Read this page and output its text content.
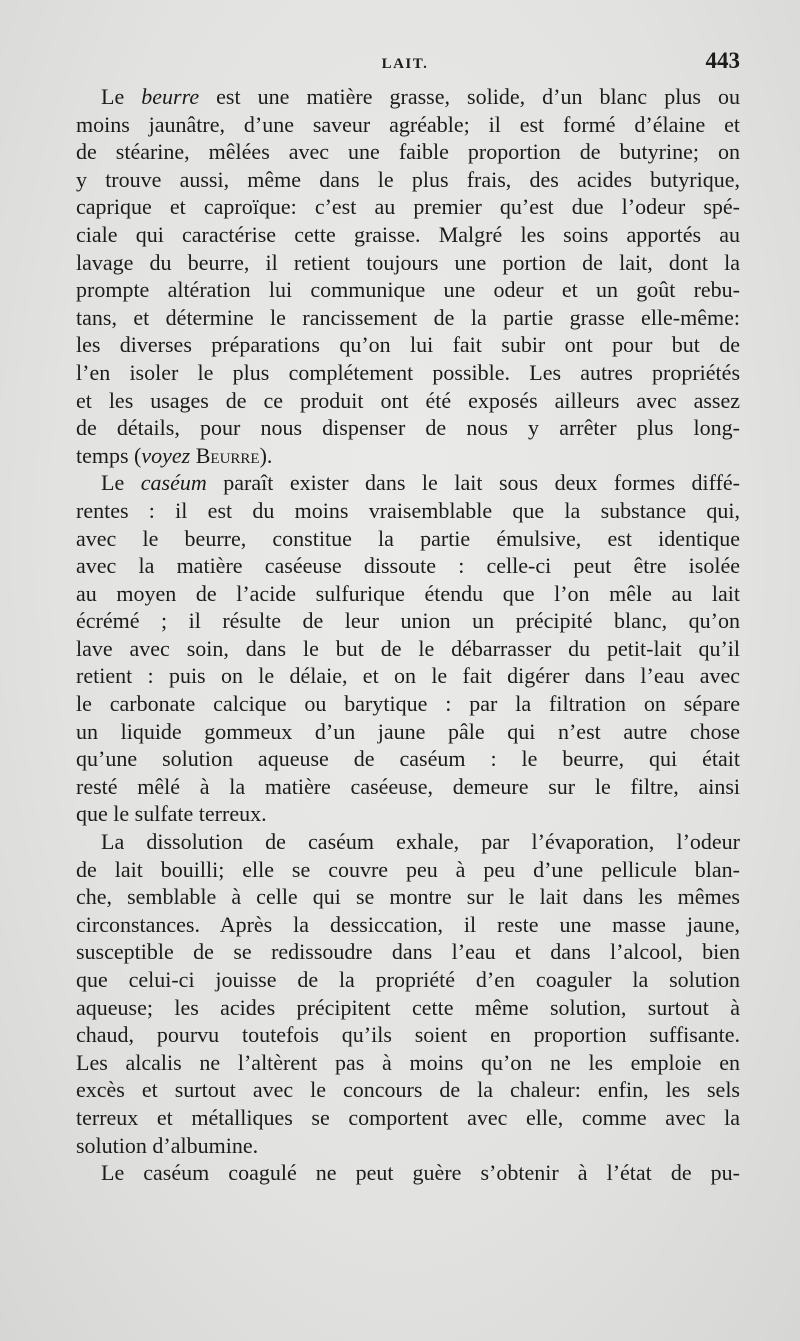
LAIT.	443
Le beurre est une matière grasse, solide, d’un blanc plus ou
moins jaunâtre, d’une saveur agréable; il est formé d’élaine et
de stéarine, mêlées avec une faible proportion de butyrine; on
y trouve aussi, même dans le plus frais, des acides butyrique,
caprique et caproïque: c’est au premier qu’est due l’odeur spé-
ciale qui caractérise cette graisse. Malgré les soins apportés au
lavage du beurre, il retient toujours une portion de lait, dont la
prompte altération lui communique une odeur et un goût rebu-
tans, et détermine le rancissement de la partie grasse elle-même:
les diverses préparations qu’on lui fait subir ont pour but de
l’en isoler le plus complétement possible. Les autres propriétés
et les usages de ce produit ont été exposés ailleurs avec assez
de détails, pour nous dispenser de nous y arrêter plus long-
temps (voyez Beurre).
Le caséum paraît exister dans le lait sous deux formes diffé-
rentes : il est du moins vraisemblable que la substance qui,
avec le beurre, constitue la partie émulsive, est identique
avec la matière caséeuse dissoute : celle-ci peut être isolée
au moyen de l’acide sulfurique étendu que l’on mêle au lait
écrémé ; il résulte de leur union un précipité blanc, qu’on
lave avec soin, dans le but de le débarrasser du petit-lait qu’il
retient : puis on le délaie, et on le fait digérer dans l’eau avec
le carbonate calcique ou barytique : par la filtration on sépare
un liquide gommeux d’un jaune pâle qui n’est autre chose
qu’une solution aqueuse de caséum : le beurre, qui était
resté mêlé à la matière caséeuse, demeure sur le filtre, ainsi
que le sulfate terreux.
La dissolution de caséum exhale, par l’évaporation, l’odeur
de lait bouilli; elle se couvre peu à peu d’une pellicule blan-
che, semblable à celle qui se montre sur le lait dans les mêmes
circonstances. Après la dessiccation, il reste une masse jaune,
susceptible de se redissoudre dans l’eau et dans l’alcool, bien
que celui-ci jouisse de la propriété d’en coaguler la solution
aqueuse; les acides précipitent cette même solution, surtout à
chaud, pourvu toutefois qu’ils soient en proportion suffisante.
Les alcalis ne l’altèrent pas à moins qu’on ne les emploie en
excès et surtout avec le concours de la chaleur: enfin, les sels
terreux et métalliques se comportent avec elle, comme avec la
solution d’albumine.
Le caséum coagulé ne peut guère s’obtenir à l’état de pu-
